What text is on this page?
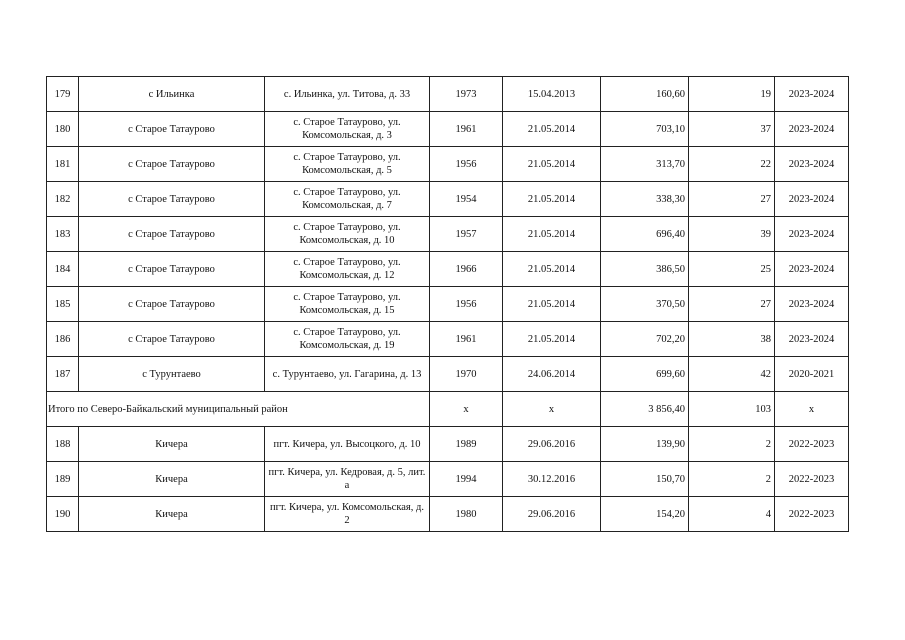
179	с Ильинка	с. Ильинка, ул. Титова, д. 33	1973	15.04.2013	160,60	19	2023-2024
180	с Старое Татаурово	с. Старое Татаурово, ул. Комсомольская, д. 3	1961	21.05.2014	703,10	37	2023-2024
181	с Старое Татаурово	с. Старое Татаурово, ул. Комсомольская, д. 5	1956	21.05.2014	313,70	22	2023-2024
182	с Старое Татаурово	с. Старое Татаурово, ул. Комсомольская, д. 7	1954	21.05.2014	338,30	27	2023-2024
183	с Старое Татаурово	с. Старое Татаурово, ул. Комсомольская, д. 10	1957	21.05.2014	696,40	39	2023-2024
184	с Старое Татаурово	с. Старое Татаурово, ул. Комсомольская, д. 12	1966	21.05.2014	386,50	25	2023-2024
185	с Старое Татаурово	с. Старое Татаурово, ул. Комсомольская, д. 15	1956	21.05.2014	370,50	27	2023-2024
186	с Старое Татаурово	с. Старое Татаурово, ул. Комсомольская, д. 19	1961	21.05.2014	702,20	38	2023-2024
187	с Турунтаево	с. Турунтаево, ул. Гагарина, д. 13	1970	24.06.2014	699,60	42	2020-2021
Итого по Северо-Байкальский муниципальный район			х	х	3 856,40	103	х
188	Кичера	пгт. Кичера, ул. Высоцкого, д. 10	1989	29.06.2016	139,90	2	2022-2023
189	Кичера	пгт. Кичера, ул. Кедровая, д. 5, лит. а	1994	30.12.2016	150,70	2	2022-2023
190	Кичера	пгт. Кичера, ул. Комсомольская, д. 2	1980	29.06.2016	154,20	4	2022-2023
